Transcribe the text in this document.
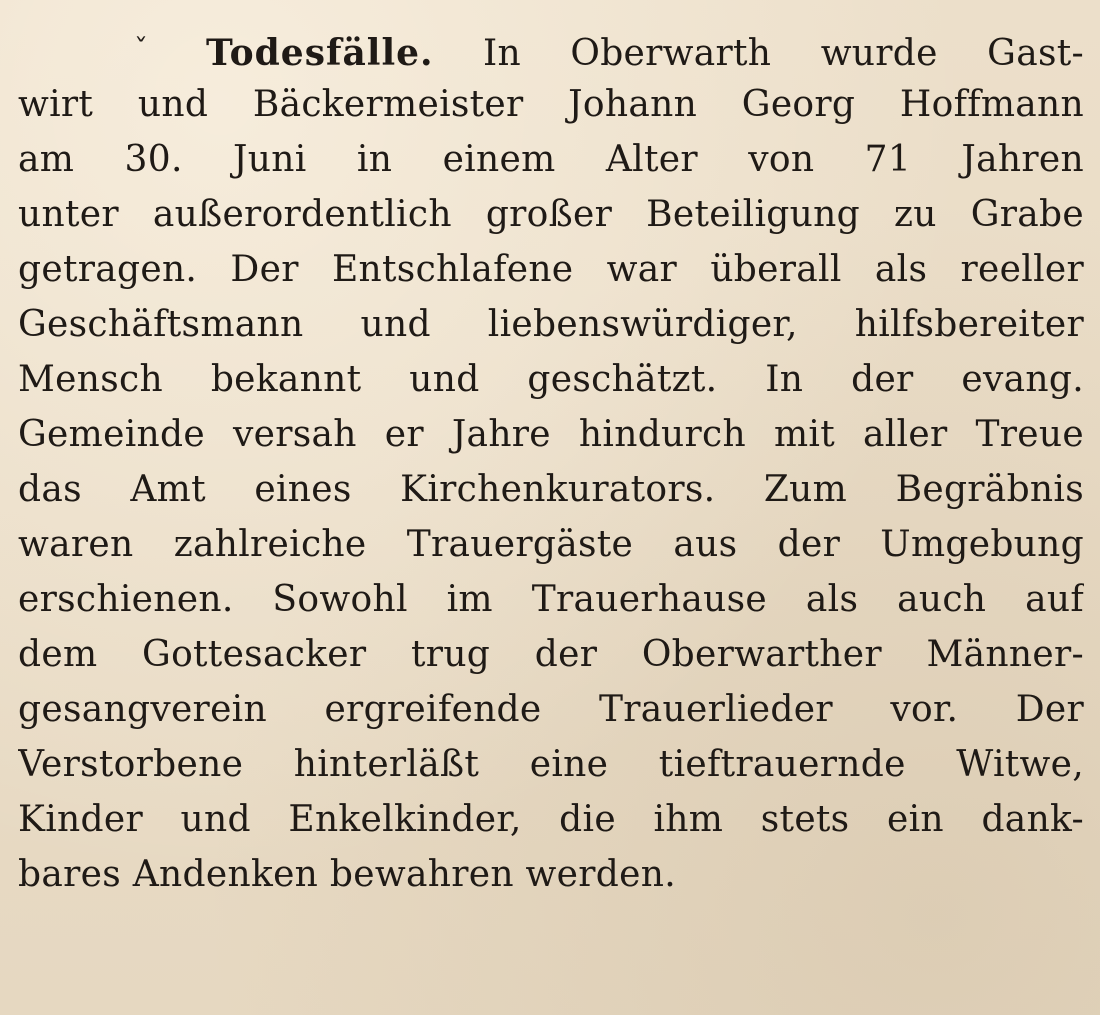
ˇ Todesfälle. In Oberwarth wurde Gast-
wirt und Bäckermeister Johann Georg Hoffmann
am 30. Juni in einem Alter von 71 Jahren
unter außerordentlich großer Beteiligung zu Grabe
getragen. Der Entschlafene war überall als reeller
Geschäftsmann und liebenswürdiger, hilfsbereiter
Mensch bekannt und geschätzt. In der evang.
Gemeinde versah er Jahre hindurch mit aller Treue
das Amt eines Kirchenkurators. Zum Begräbnis
waren zahlreiche Trauergäste aus der Umgebung
erschienen. Sowohl im Trauerhause als auch auf
dem Gottesacker trug der Oberwarther Männer-
gesangverein ergreifende Trauerlieder vor. Der
Verstorbene hinterläßt eine tieftrauernde Witwe,
Kinder und Enkelkinder, die ihm stets ein dank-
bares Andenken bewahren werden.
